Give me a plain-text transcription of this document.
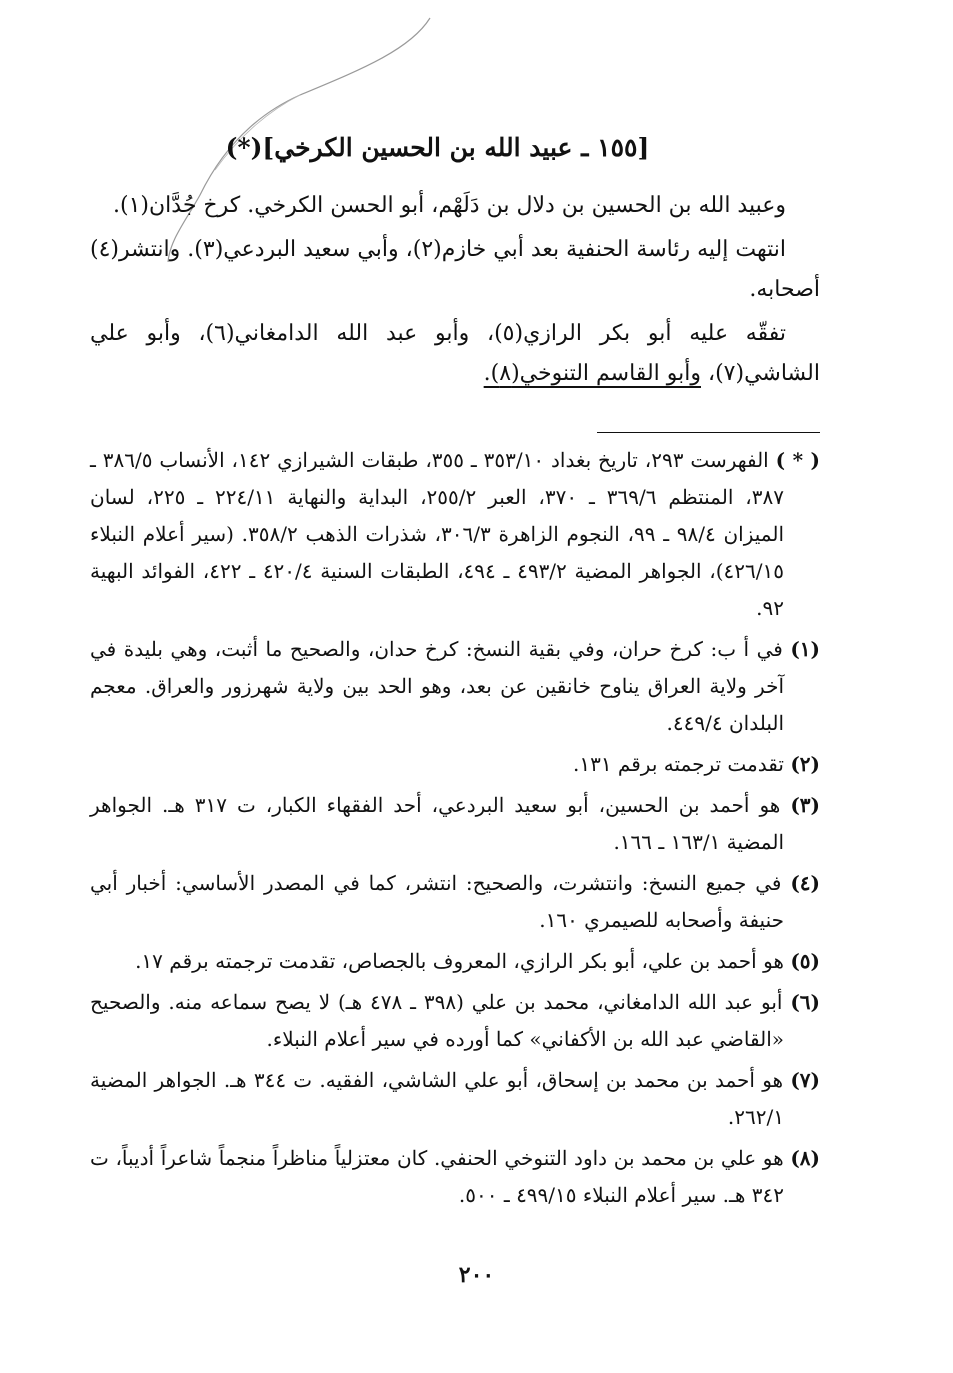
[١٥٥ ـ عبيد الله بن الحسين الكرخي](*)

وعبيد الله بن الحسين بن دلال بن دَلَهْم، أبو الحسن الكرخي. كرخ جُدَّان(١).

انتهت إليه رئاسة الحنفية بعد أبي خازم(٢)، وأبي سعيد البردعي(٣). وانتشر(٤) أصحابه.

تفقّه عليه أبو بكر الرازي(٥)، وأبو عبد الله الدامغاني(٦)، وأبو علي الشاشي(٧)، وأبو القاسم التنوخي(٨).

( * ) الفهرست ٢٩٣، تاريخ بغداد ٣٥٣/١٠ ـ ٣٥٥، طبقات الشيرازي ١٤٢، الأنساب ٣٨٦/٥ ـ ٣٨٧، المنتظم ٣٦٩/٦ ـ ٣٧٠، العبر ٢٥٥/٢، البداية والنهاية ٢٢٤/١١ ـ ٢٢٥، لسان الميزان ٩٨/٤ ـ ٩٩، النجوم الزاهرة ٣٠٦/٣، شذرات الذهب ٣٥٨/٢. (سير أعلام النبلاء ٤٢٦/١٥)، الجواهر المضية ٤٩٣/٢ ـ ٤٩٤، الطبقات السنية ٤٢٠/٤ ـ ٤٢٢، الفوائد البهية ٩٢.
(١) في أ ب: كرخ حران، وفي بقية النسخ: كرخ حدان، والصحيح ما أثبت، وهي بليدة في آخر ولاية العراق يناوح خانقين عن بعد، وهو الحد بين ولاية شهرزور والعراق. معجم البلدان ٤٤٩/٤.
(٢) تقدمت ترجمته برقم ١٣١.
(٣) هو أحمد بن الحسين، أبو سعيد البردعي، أحد الفقهاء الكبار، ت ٣١٧ هـ. الجواهر المضية ١٦٣/١ ـ ١٦٦.
(٤) في جميع النسخ: وانتشرت، والصحيح: انتشر، كما في المصدر الأساسي: أخبار أبي حنيفة وأصحابه للصيمري ١٦٠.
(٥) هو أحمد بن علي، أبو بكر الرازي، المعروف بالجصاص، تقدمت ترجمته برقم ١٧.
(٦) أبو عبد الله الدامغاني، محمد بن علي (٣٩٨ ـ ٤٧٨ هـ) لا يصح سماعه منه. والصحيح «القاضي عبد الله بن الأكفاني» كما أورده في سير أعلام النبلاء.
(٧) هو أحمد بن محمد بن إسحاق، أبو علي الشاشي، الفقيه. ت ٣٤٤ هـ. الجواهر المضية ٢٦٢/١.
(٨) هو علي بن محمد بن داود التنوخي الحنفي. كان معتزلياً مناظراً منجماً شاعراً أديباً، ت ٣٤٢ هـ. سير أعلام النبلاء ٤٩٩/١٥ ـ ٥٠٠.
٢٠٠
